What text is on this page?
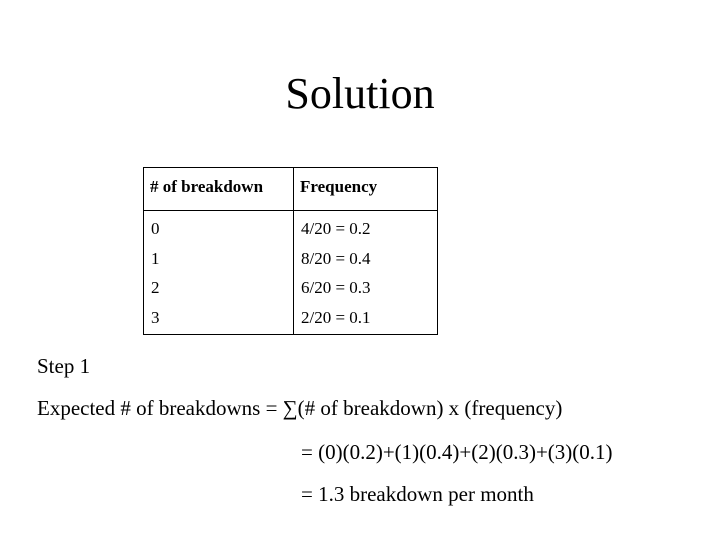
Solution
# of breakdown Frequency
0
1
2
3
4/20 = 0.2
8/20 = 0.4
6/20 = 0.3
2/20 = 0.1
Step 1
Expected # of breakdowns = ∑(# of breakdown) x (frequency)
= (0)(0.2)+(1)(0.4)+(2)(0.3)+(3)(0.1)
= 1.3 breakdown per month
